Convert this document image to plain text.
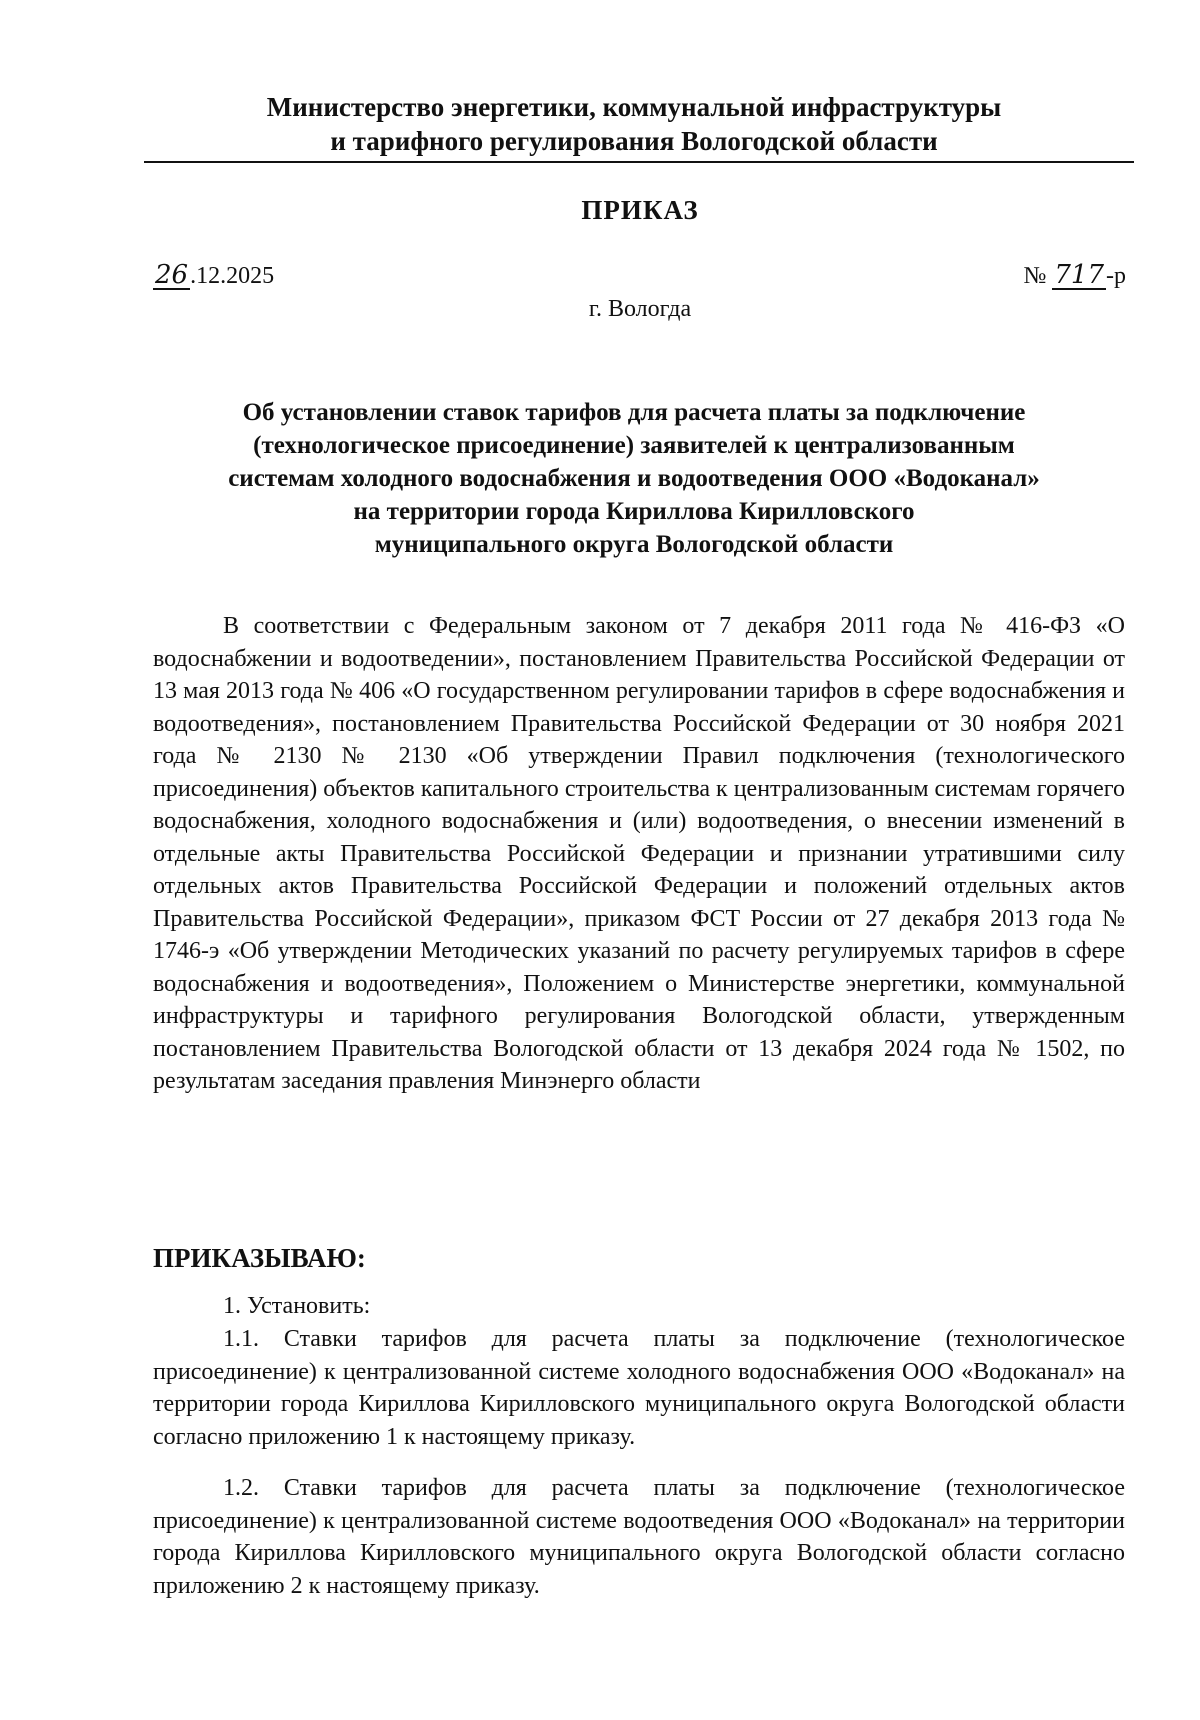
Министерство энергетики, коммунальной инфраструктуры
и тарифного регулирования Вологодской области
ПРИКАЗ
26.12.2025	№ 717-р
г. Вологда
Об установлении ставок тарифов для расчета платы за подключение
(технологическое присоединение) заявителей к централизованным
системам холодного водоснабжения и водоотведения ООО «Водоканал»
на территории города Кириллова Кирилловского
муниципального округа Вологодской области
В соответствии с Федеральным законом от 7 декабря 2011 года № 416-ФЗ «О водоснабжении и водоотведении», постановлением Правительства Российской Федерации от 13 мая 2013 года № 406 «О государственном регулировании тарифов в сфере водоснабжения и водоотведения», постановлением Правительства Российской Федерации от 30 ноября 2021 года № 2130 № 2130 «Об утверждении Правил подключения (технологического присоединения) объектов капитального строительства к централизованным системам горячего водоснабжения, холодного водоснабжения и (или) водоотведения, о внесении изменений в отдельные акты Правительства Российской Федерации и признании утратившими силу отдельных актов Правительства Российской Федерации и положений отдельных актов Правительства Российской Федерации», приказом ФСТ России от 27 декабря 2013 года № 1746-э «Об утверждении Методических указаний по расчету регулируемых тарифов в сфере водоснабжения и водоотведения», Положением о Министерстве энергетики, коммунальной инфраструктуры и тарифного регулирования Вологодской области, утвержденным постановлением Правительства Вологодской области от 13 декабря 2024 года № 1502, по результатам заседания правления Минэнерго области
ПРИКАЗЫВАЮ:
1. Установить:
1.1. Ставки тарифов для расчета платы за подключение (технологическое присоединение) к централизованной системе холодного водоснабжения ООО «Водоканал» на территории города Кириллова Кирилловского муниципального округа Вологодской области согласно приложению 1 к настоящему приказу.
1.2. Ставки тарифов для расчета платы за подключение (технологическое присоединение) к централизованной системе водоотведения ООО «Водоканал» на территории города Кириллова Кирилловского муниципального округа Вологодской области согласно приложению 2 к настоящему приказу.
